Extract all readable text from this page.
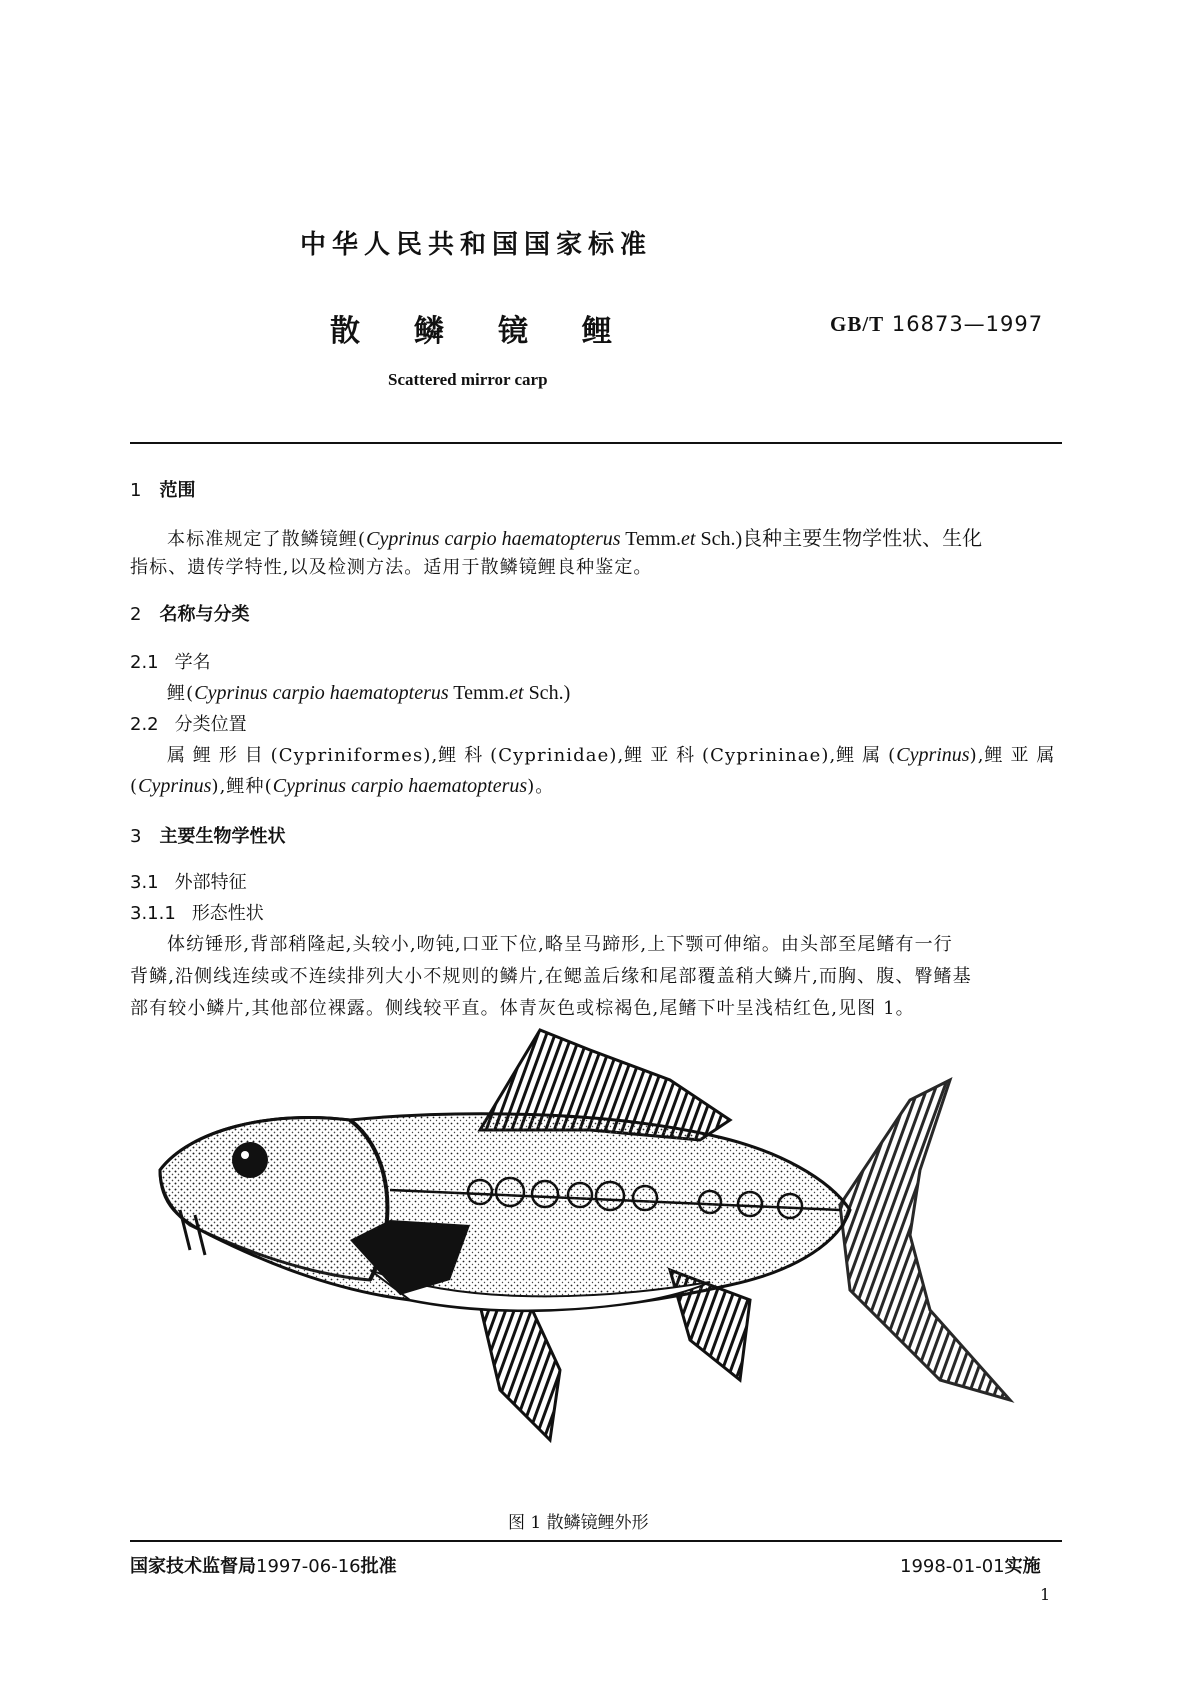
中华人民共和国国家标准
散 鳞 镜 鲤	GB/T 16873—1997
Scattered mirror carp
1 范围
本标准规定了散鳞镜鲤(Cyprinus carpio haematopterus Temm.et Sch.)良种主要生物学性状、生化
指标、遗传学特性,以及检测方法。适用于散鳞镜鲤良种鉴定。
2 名称与分类
2.1 学名
鲤(Cyprinus carpio haematopterus Temm.et Sch.)
2.2 分类位置
属 鲤 形 目 (Cypriniformes),鲤 科 (Cyprinidae),鲤 亚 科 (Cyprininae),鲤 属 (Cyprinus),鲤 亚 属
(Cyprinus),鲤种(Cyprinus carpio haematopterus)。
3 主要生物学性状
3.1 外部特征
3.1.1 形态性状
体纺锤形,背部稍隆起,头较小,吻钝,口亚下位,略呈马蹄形,上下颚可伸缩。由头部至尾鳍有一行
背鳞,沿侧线连续或不连续排列大小不规则的鳞片,在鳃盖后缘和尾部覆盖稍大鳞片,而胸、腹、臀鳍基
部有较小鳞片,其他部位裸露。侧线较平直。体青灰色或棕褐色,尾鳍下叶呈浅桔红色,见图 1。
图 1 散鳞镜鲤外形
国家技术监督局1997-06-16批准	1998-01-01实施
1
